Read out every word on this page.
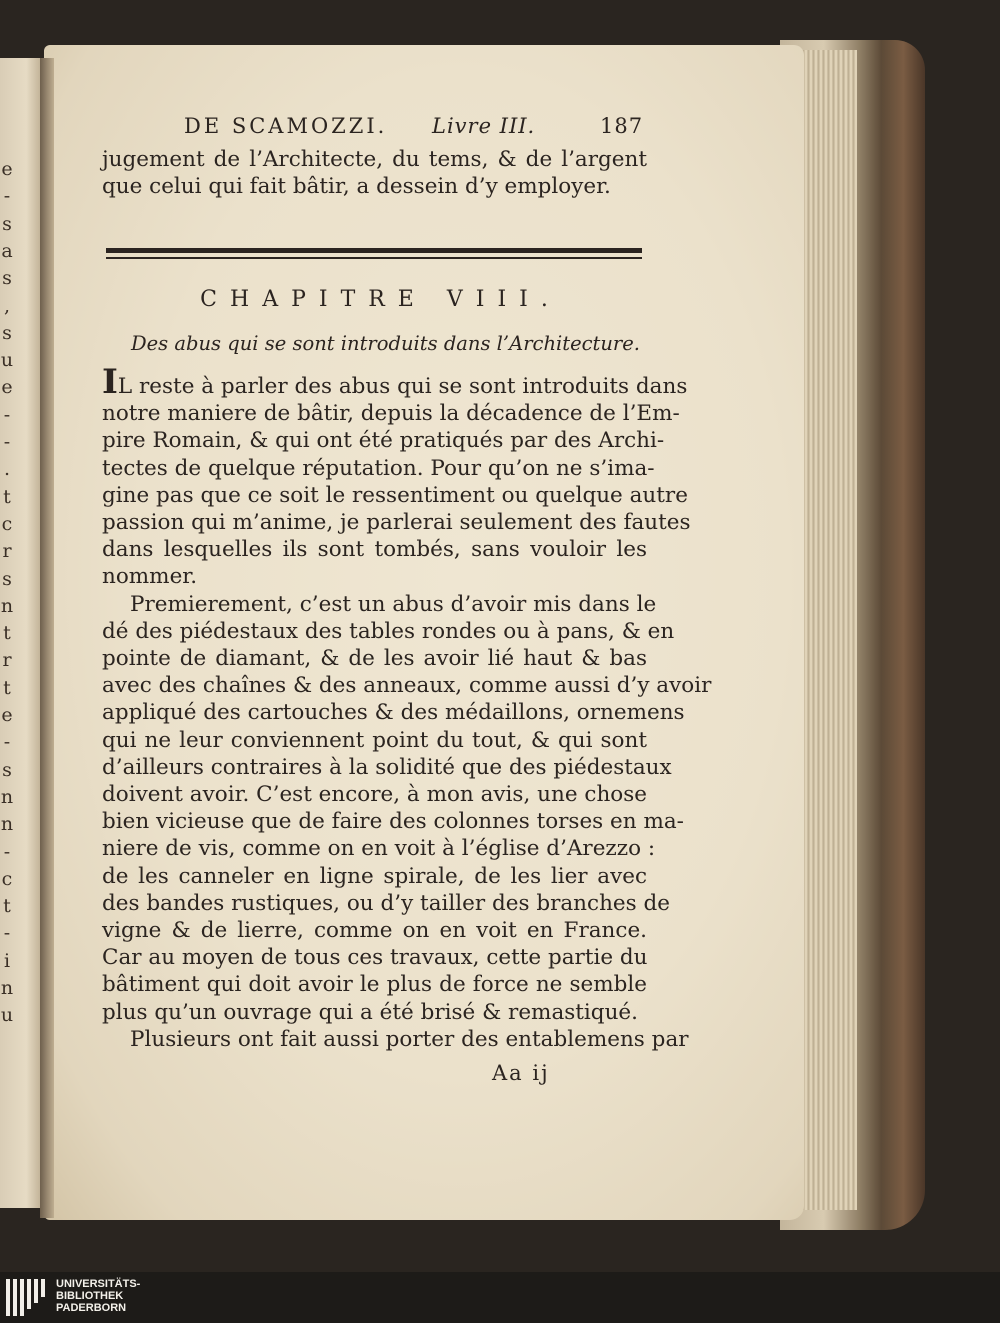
e
-
s
a
s
,
s
u
e
-
-
.
t
c
r
s
n
t
r
t
e
-
s
n
n
-
c
t
-
i
n
u
DE SCAMOZZI. Livre III.	187
jugement de l’Architecte, du tems, & de l’argent
que celui qui fait bâtir, a dessein d’y employer.
CHAPITRE VIII.
Des abus qui se sont introduits dans l’Architecture.
IL reste à parler des abus qui se sont introduits dans
notre maniere de bâtir, depuis la décadence de l’Em-
pire Romain, & qui ont été pratiqués par des Archi-
tectes de quelque réputation. Pour qu’on ne s’ima-
gine pas que ce soit le ressentiment ou quelque autre
passion qui m’anime, je parlerai seulement des fautes
dans lesquelles ils sont tombés, sans vouloir les
nommer.
Premierement, c’est un abus d’avoir mis dans le
dé des piédestaux des tables rondes ou à pans, & en
pointe de diamant, & de les avoir lié haut & bas
avec des chaînes & des anneaux, comme aussi d’y avoir
appliqué des cartouches & des médaillons, ornemens
qui ne leur conviennent point du tout, & qui sont
d’ailleurs contraires à la solidité que des piédestaux
doivent avoir. C’est encore, à mon avis, une chose
bien vicieuse que de faire des colonnes torses en ma-
niere de vis, comme on en voit à l’église d’Arezzo :
de les canneler en ligne spirale, de les lier avec
des bandes rustiques, ou d’y tailler des branches de
vigne & de lierre, comme on en voit en France.
Car au moyen de tous ces travaux, cette partie du
bâtiment qui doit avoir le plus de force ne semble
plus qu’un ouvrage qui a été brisé & remastiqué.
Plusieurs ont fait aussi porter des entablemens par
Aa ij
UNIVERSITÄTS-
BIBLIOTHEK
PADERBORN
